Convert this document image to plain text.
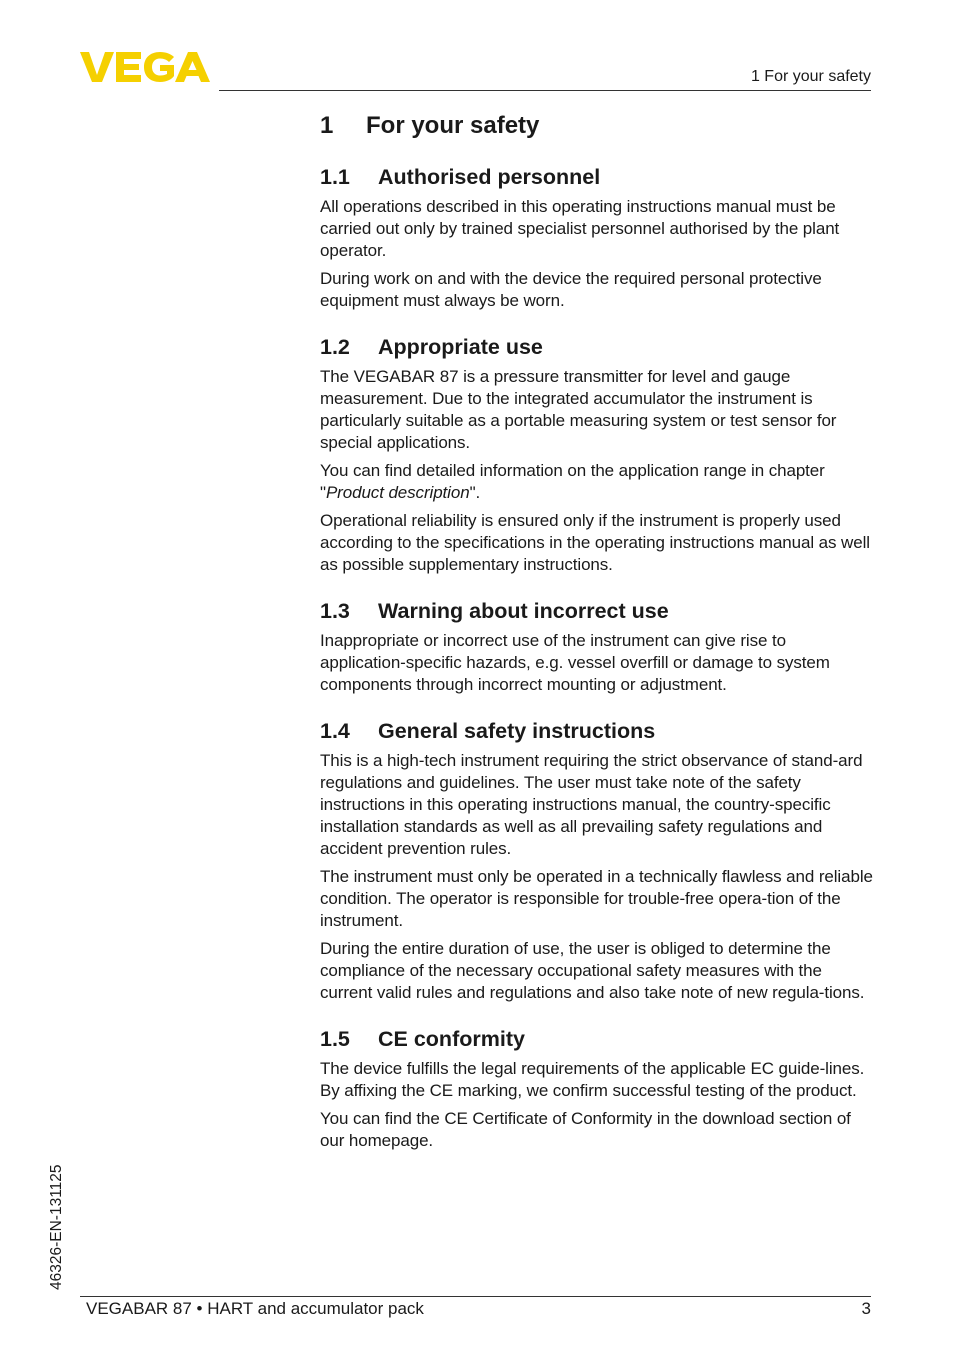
1 For your safety
1	For your safety
1.1	Authorised personnel

All operations described in this operating instructions manual must be carried out only by trained specialist personnel authorised by the plant operator.

During work on and with the device the required personal protective equipment must always be worn.

1.2	Appropriate use

The VEGABAR 87 is a pressure transmitter for level and gauge measurement. Due to the integrated accumulator the instrument is particularly suitable as a portable measuring system or test sensor for special applications.

You can find detailed information on the application range in chapter "Product description".

Operational reliability is ensured only if the instrument is properly used according to the specifications in the operating instructions manual as well as possible supplementary instructions.

1.3	Warning about incorrect use

Inappropriate or incorrect use of the instrument can give rise to application-specific hazards, e.g. vessel overfill or damage to system components through incorrect mounting or adjustment.

1.4	General safety instructions

This is a high-tech instrument requiring the strict observance of stand-ard regulations and guidelines. The user must take note of the safety instructions in this operating instructions manual, the country-specific installation standards as well as all prevailing safety regulations and accident prevention rules.

The instrument must only be operated in a technically flawless and reliable condition. The operator is responsible for trouble-free opera-tion of the instrument.

During the entire duration of use, the user is obliged to determine the compliance of the necessary occupational safety measures with the current valid rules and regulations and also take note of new regula-tions.

1.5	CE conformity

The device fulfills the legal requirements of the applicable EC guide-lines. By affixing the CE marking, we confirm successful testing of the product.

You can find the CE Certificate of Conformity in the download section of our homepage.

46326-EN-131125
VEGABAR 87 • HART and accumulator pack	3
